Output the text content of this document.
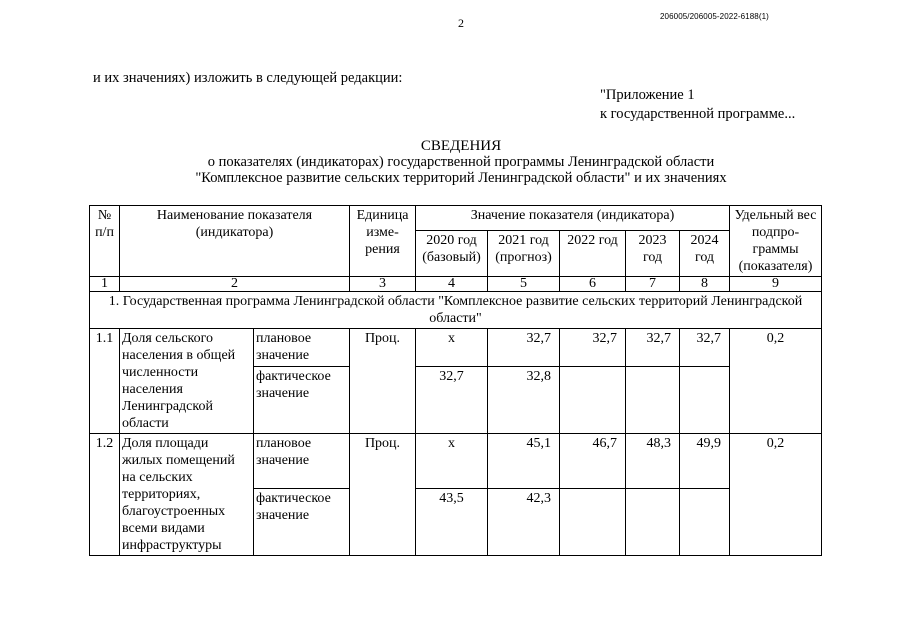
2	206005/206005-2022-6188(1)
и их значениях) изложить в следующей редакции:
"Приложение 1
к государственной программе...
СВЕДЕНИЯ
о показателях (индикаторах) государственной программы Ленинградской области
"Комплексное развитие сельских территорий Ленинградской области" и их значениях
№ п/п	Наименование показателя (индикатора)		Единица изме-рения	Значение показателя (индикатора)					Удельный вес подпро-граммы (показателя)
				2020 год (базовый)	2021 год (прогноз)	2022 год	2023 год	2024 год	
1	2		3	4	5	6	7	8	9
1. Государственная программа Ленинградской области "Комплексное развитие сельских территорий Ленинградской области"									
1.1	Доля сельского населения в общей численности населения Ленинградской области	плановое значение	Проц.	х	32,7	32,7	32,7	32,7	0,2
		фактическое значение		32,7	32,8				
1.2	Доля площади жилых помещений на сельских территориях, благоустроенных всеми видами инфраструктуры	плановое значение	Проц.	х	45,1	46,7	48,3	49,9	0,2
		фактическое значение		43,5	42,3				
